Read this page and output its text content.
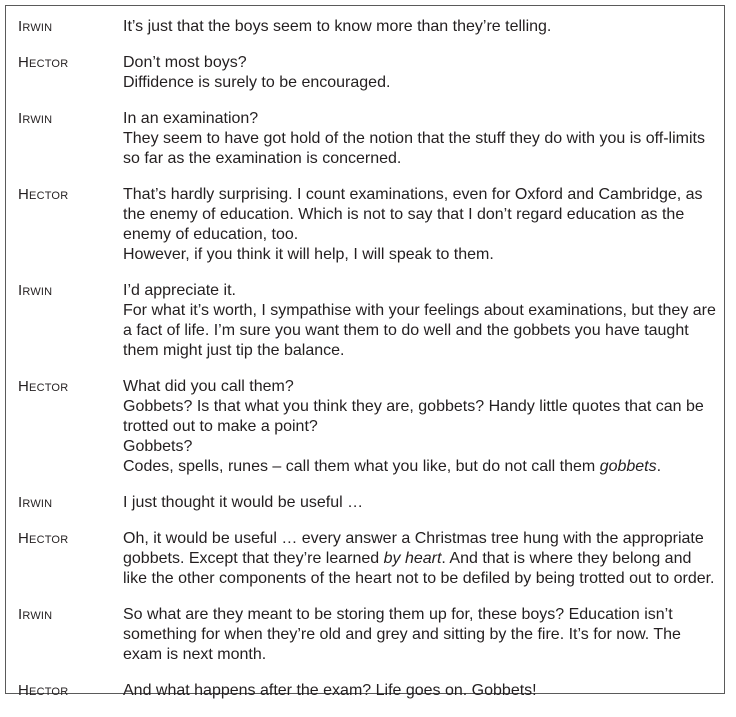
Irwin	It’s just that the boys seem to know more than they’re telling.
Hector	Don’t most boys?
Diffidence is surely to be encouraged.
Irwin	In an examination?
They seem to have got hold of the notion that the stuff they do with you is off-limits so far as the examination is concerned.
Hector	That’s hardly surprising. I count examinations, even for Oxford and Cambridge, as the enemy of education. Which is not to say that I don’t regard education as the enemy of education, too.
However, if you think it will help, I will speak to them.
Irwin	I’d appreciate it.
For what it’s worth, I sympathise with your feelings about examinations, but they are a fact of life. I’m sure you want them to do well and the gobbets you have taught them might just tip the balance.
Hector	What did you call them?
Gobbets? Is that what you think they are, gobbets? Handy little quotes that can be trotted out to make a point?
Gobbets?
Codes, spells, runes – call them what you like, but do not call them gobbets.
Irwin	I just thought it would be useful …
Hector	Oh, it would be useful … every answer a Christmas tree hung with the appropriate gobbets. Except that they’re learned by heart. And that is where they belong and like the other components of the heart not to be defiled by being trotted out to order.
Irwin	So what are they meant to be storing them up for, these boys? Education isn’t something for when they’re old and grey and sitting by the fire. It’s for now. The exam is next month.
Hector	And what happens after the exam? Life goes on. Gobbets!
